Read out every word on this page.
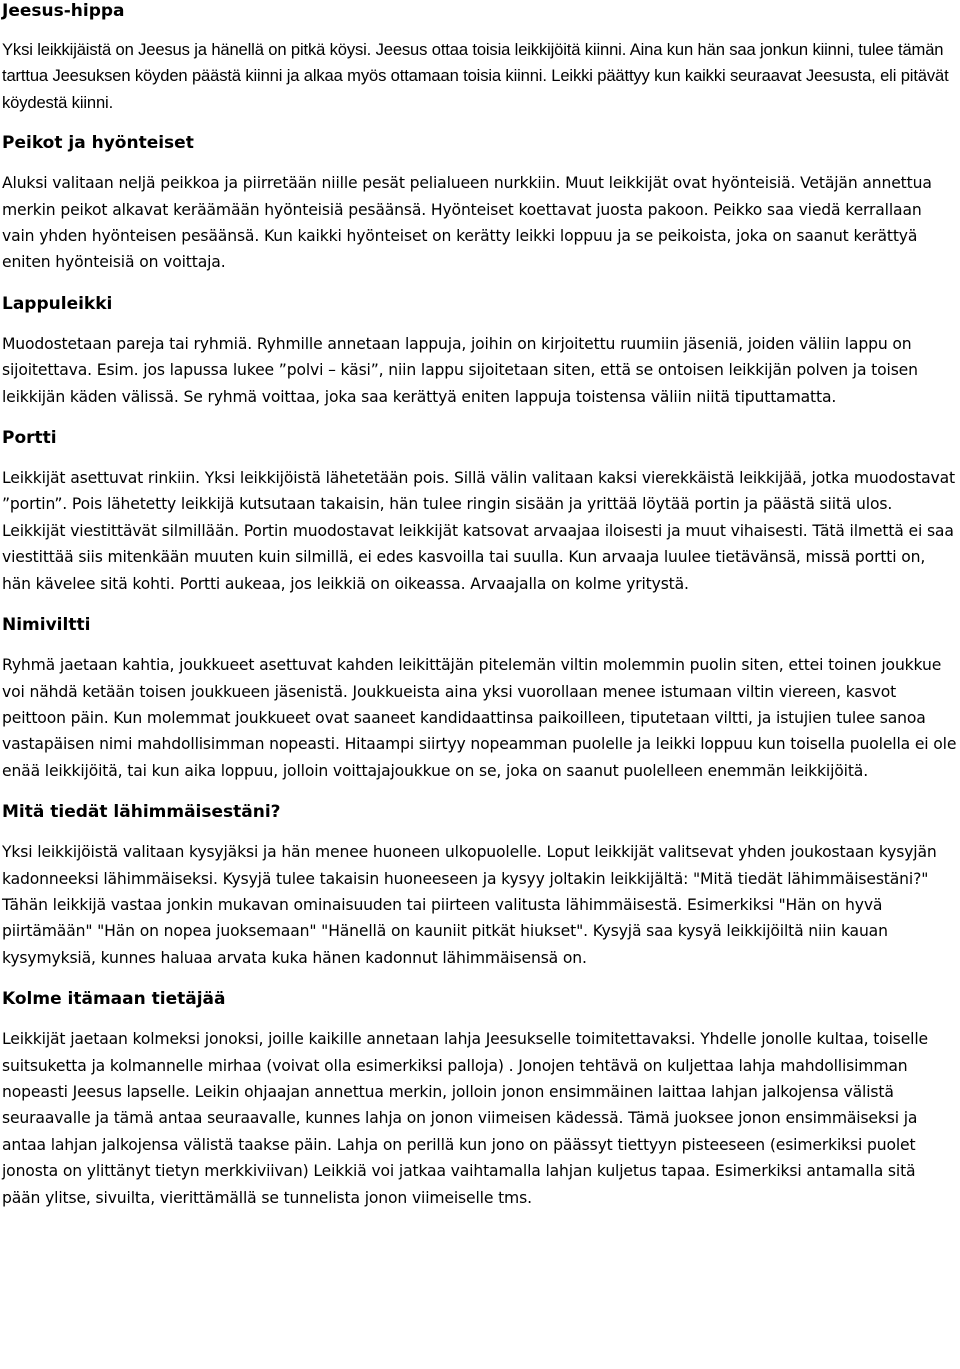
Jeesus-hippa

Yksi leikkijäistä on Jeesus ja hänellä on pitkä köysi. Jeesus ottaa toisia leikkijöitä kiinni. Aina kun hän saa jonkun kiinni, tulee tämän tarttua Jeesuksen köyden päästä kiinni ja alkaa myös ottamaan toisia kiinni. Leikki päättyy kun kaikki seuraavat Jeesusta, eli pitävät köydestä kiinni.

Peikot ja hyönteiset

Aluksi valitaan neljä peikkoa ja piirretään niille pesät pelialueen nurkkiin. Muut leikkijät ovat hyönteisiä. Vetäjän annettua merkin peikot alkavat keräämään hyönteisiä pesäänsä. Hyönteiset koettavat juosta pakoon. Peikko saa viedä kerrallaan vain yhden hyönteisen pesäänsä. Kun kaikki hyönteiset on kerätty leikki loppuu ja se peikoista, joka on saanut kerättyä eniten hyönteisiä on voittaja.

Lappuleikki

Muodostetaan pareja tai ryhmiä. Ryhmille annetaan lappuja, joihin on kirjoitettu ruumiin jäseniä, joiden väliin lappu on sijoitettava. Esim. jos lapussa lukee ”polvi – käsi”, niin lappu sijoitetaan siten, että se ontoisen leikkijän polven ja toisen leikkijän käden välissä. Se ryhmä voittaa, joka saa kerättyä eniten lappuja toistensa väliin niitä tiputtamatta.

Portti

Leikkijät asettuvat rinkiin. Yksi leikkijöistä lähetetään pois. Sillä välin valitaan kaksi vierekkäistä leikkijää, jotka muodostavat ”portin”. Pois lähetetty leikkijä kutsutaan takaisin, hän tulee ringin sisään ja yrittää löytää portin ja päästä siitä ulos. Leikkijät viestittävät silmillään. Portin muodostavat leikkijät katsovat arvaajaa iloisesti ja muut vihaisesti. Tätä ilmettä ei saa viestittää siis mitenkään muuten kuin silmillä, ei edes kasvoilla tai suulla. Kun arvaaja luulee tietävänsä, missä portti on, hän kävelee sitä kohti. Portti aukeaa, jos leikkiä on oikeassa. Arvaajalla on kolme yritystä.

Nimiviltti

Ryhmä jaetaan kahtia, joukkueet asettuvat kahden leikittäjän pitelemän viltin molemmin puolin siten, ettei toinen joukkue voi nähdä ketään toisen joukkueen jäsenistä. Joukkueista aina yksi vuorollaan menee istumaan viltin viereen, kasvot peittoon päin. Kun molemmat joukkueet ovat saaneet kandidaattinsa paikoilleen, tiputetaan viltti, ja istujien tulee sanoa vastapäisen nimi mahdollisimman nopeasti. Hitaampi siirtyy nopeamman puolelle ja leikki loppuu kun toisella puolella ei ole enää leikkijöitä, tai kun aika loppuu, jolloin voittajajoukkue on se, joka on saanut puolelleen enemmän leikkijöitä.

Mitä tiedät lähimmäisestäni?

Yksi leikkijöistä valitaan kysyjäksi ja hän menee huoneen ulkopuolelle. Loput leikkijät valitsevat yhden joukostaan kysyjän kadonneeksi lähimmäiseksi. Kysyjä tulee takaisin huoneeseen ja kysyy joltakin leikkijältä: "Mitä tiedät lähimmäisestäni?" Tähän leikkijä vastaa jonkin mukavan ominaisuuden tai piirteen valitusta lähimmäisestä. Esimerkiksi "Hän on hyvä piirtämään" "Hän on nopea juoksemaan" "Hänellä on kauniit pitkät hiukset". Kysyjä saa kysyä leikkijöiltä niin kauan kysymyksiä, kunnes haluaa arvata kuka hänen kadonnut lähimmäisensä on.

Kolme itämaan tietäjää

Leikkijät jaetaan kolmeksi jonoksi, joille kaikille annetaan lahja Jeesukselle toimitettavaksi. Yhdelle jonolle kultaa, toiselle suitsuketta ja kolmannelle mirhaa (voivat olla esimerkiksi palloja) . Jonojen tehtävä on kuljettaa lahja mahdollisimman nopeasti Jeesus lapselle. Leikin ohjaajan annettua merkin, jolloin jonon ensimmäinen laittaa lahjan jalkojensa välistä seuraavalle ja tämä antaa seuraavalle, kunnes lahja on jonon viimeisen kädessä. Tämä juoksee jonon ensimmäiseksi ja antaa lahjan jalkojensa välistä taakse päin. Lahja on perillä kun jono on päässyt tiettyyn pisteeseen (esimerkiksi puolet jonosta on ylittänyt tietyn merkkiviivan) Leikkiä voi jatkaa vaihtamalla lahjan kuljetus tapaa. Esimerkiksi antamalla sitä pään ylitse, sivuilta, vierittämällä se tunnelista jonon viimeiselle tms.
